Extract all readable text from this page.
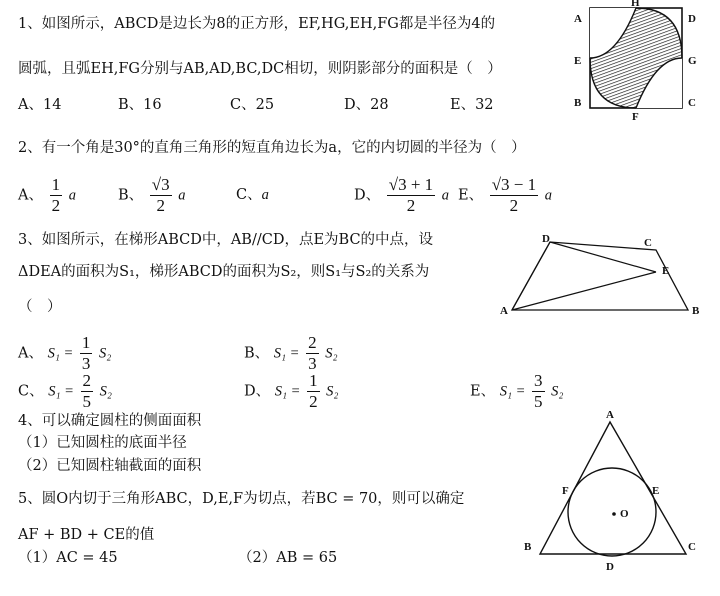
1、如图所示，ABCD是边长为8的正方形，EF,HG,EH,FG都是半径为4的
圆弧，且弧EH,FG分别与AB,AD,BC,DC相切，则阴影部分的面积是（　）
A、14	B、16	C、25	D、28	E、32
A
H
D
E	G
B
F
C
2、有一个角是30°的直角三角形的短直角边长为a，它的内切圆的半径为（　）
A、 $\frac{1}{2}$ a	B、 $\frac{√3}{2}$ a	C、a	D、 $\frac{√3 + 1}{2}$ a E、 $\frac{√3 - 1}{2}$ a
3、如图所示，在梯形ABCD中，AB//CD，点E为BC的中点，设
ΔDEA的面积为S₁，梯形ABCD的面积为S₂，则S₁与S₂的关系为
（　）
D	C
E
A	B
A、 $S_1 = \frac{1}{3} S_2$	B、 $S_1 = \frac{2}{3} S_2$
C、 $S_1 = \frac{2}{5} S_2$	D、 $S_1 = \frac{1}{2} S_2$	E、 $S_1 = \frac{3}{5} S_2$
4、可以确定圆柱的侧面面积
（1）已知圆柱的底面半径
（2）已知圆柱轴截面的面积
5、圆O内切于三角形ABC，D,E,F为切点，若BC = 70，则可以确定
AF + BD + CE的值
（1）AC = 45	（2）AB = 65
A
F	E
O
B	C
D
